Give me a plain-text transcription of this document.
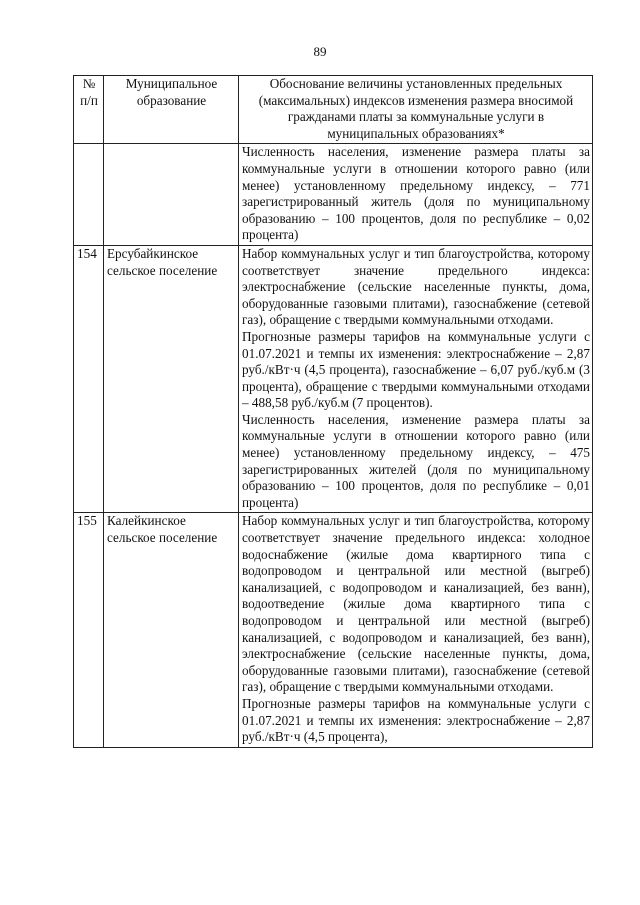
89
№ п/п	Муниципальное образование	Обоснование величины установленных предельных (максимальных) индексов изменения размера вносимой гражданами платы за коммунальные услуги в муниципальных образованиях*

		Численность населения, изменение размера платы за коммунальные услуги в отношении которого равно (или менее) установленному предельному индексу, – 771 зарегистрированный житель (доля по муниципальному образованию – 100 процентов, доля по республике – 0,02 процента)

154	Ерсубайкинское сельское поселение	Набор коммунальных услуг и тип благоустройства, которому соответствует значение предельного индекса: электроснабжение (сельские населенные пункты, дома, оборудованные газовыми плитами), газоснабжение (сетевой газ), обращение с твердыми коммунальными отходами.

Прогнозные размеры тарифов на коммунальные услуги с 01.07.2021 и темпы их изменения: электроснабжение – 2,87 руб./кВт·ч (4,5 процента), газоснабжение – 6,07 руб./куб.м (3 процента), обращение с твердыми коммунальными отходами – 488,58 руб./куб.м (7 процентов).

Численность населения, изменение размера платы за коммунальные услуги в отношении которого равно (или менее) установленному предельному индексу, – 475 зарегистрированных жителей (доля по муниципальному образованию – 100 процентов, доля по республике – 0,01 процента)

155	Калейкинское сельское поселение	Набор коммунальных услуг и тип благоустройства, которому соответствует значение предельного индекса: холодное водоснабжение (жилые дома квартирного типа с водопроводом и центральной или местной (выгреб) канализацией, с водопроводом и канализацией, без ванн), водоотведение (жилые дома квартирного типа с водопроводом и центральной или местной (выгреб) канализацией, с водопроводом и канализацией, без ванн), электроснабжение (сельские населенные пункты, дома, оборудованные газовыми плитами), газоснабжение (сетевой газ), обращение с твердыми коммунальными отходами.

Прогнозные размеры тарифов на коммунальные услуги с 01.07.2021 и темпы их изменения: электроснабжение – 2,87 руб./кВт·ч (4,5 процента),
